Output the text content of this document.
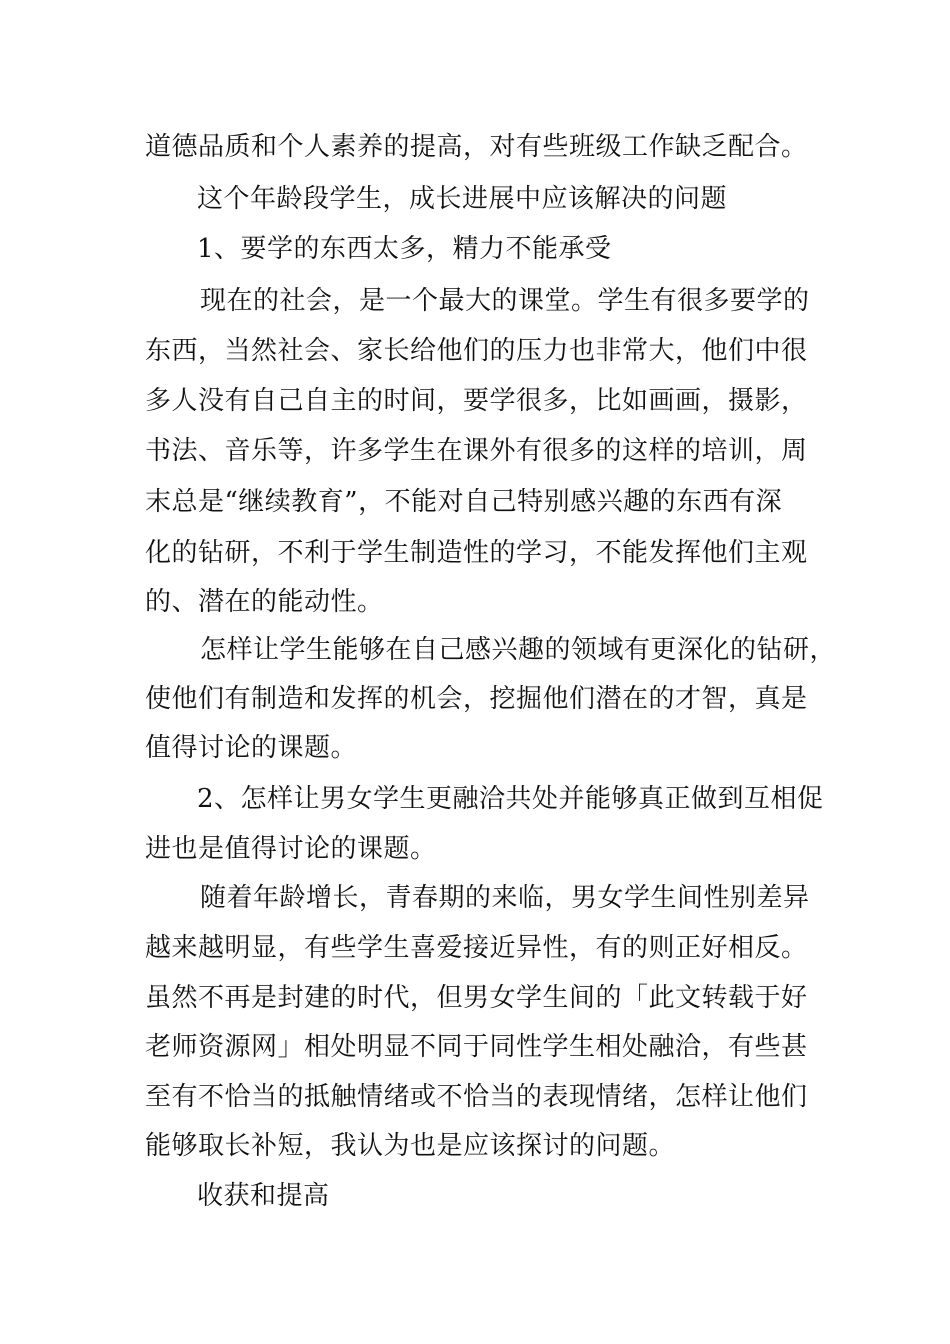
道德品质和个人素养的提高，对有些班级工作缺乏配合。
这个年龄段学生，成长进展中应该解决的问题
1、要学的东西太多，精力不能承受
现在的社会，是一个最大的课堂。学生有很多要学的
东西，当然社会、家长给他们的压力也非常大，他们中很
多人没有自己自主的时间，要学很多，比如画画，摄影，
书法、音乐等，许多学生在课外有很多的这样的培训，周
末总是“继续教育”，不能对自己特别感兴趣的东西有深
化的钻研，不利于学生制造性的学习，不能发挥他们主观
的、潜在的能动性。
怎样让学生能够在自己感兴趣的领域有更深化的钻研，
使他们有制造和发挥的机会，挖掘他们潜在的才智，真是
值得讨论的课题。
2、怎样让男女学生更融洽共处并能够真正做到互相促
进也是值得讨论的课题。
随着年龄增长，青春期的来临，男女学生间性别差异
越来越明显，有些学生喜爱接近异性，有的则正好相反。
虽然不再是封建的时代，但男女学生间的「此文转载于好
老师资源网」相处明显不同于同性学生相处融洽，有些甚
至有不恰当的抵触情绪或不恰当的表现情绪，怎样让他们
能够取长补短，我认为也是应该探讨的问题。
收获和提高
